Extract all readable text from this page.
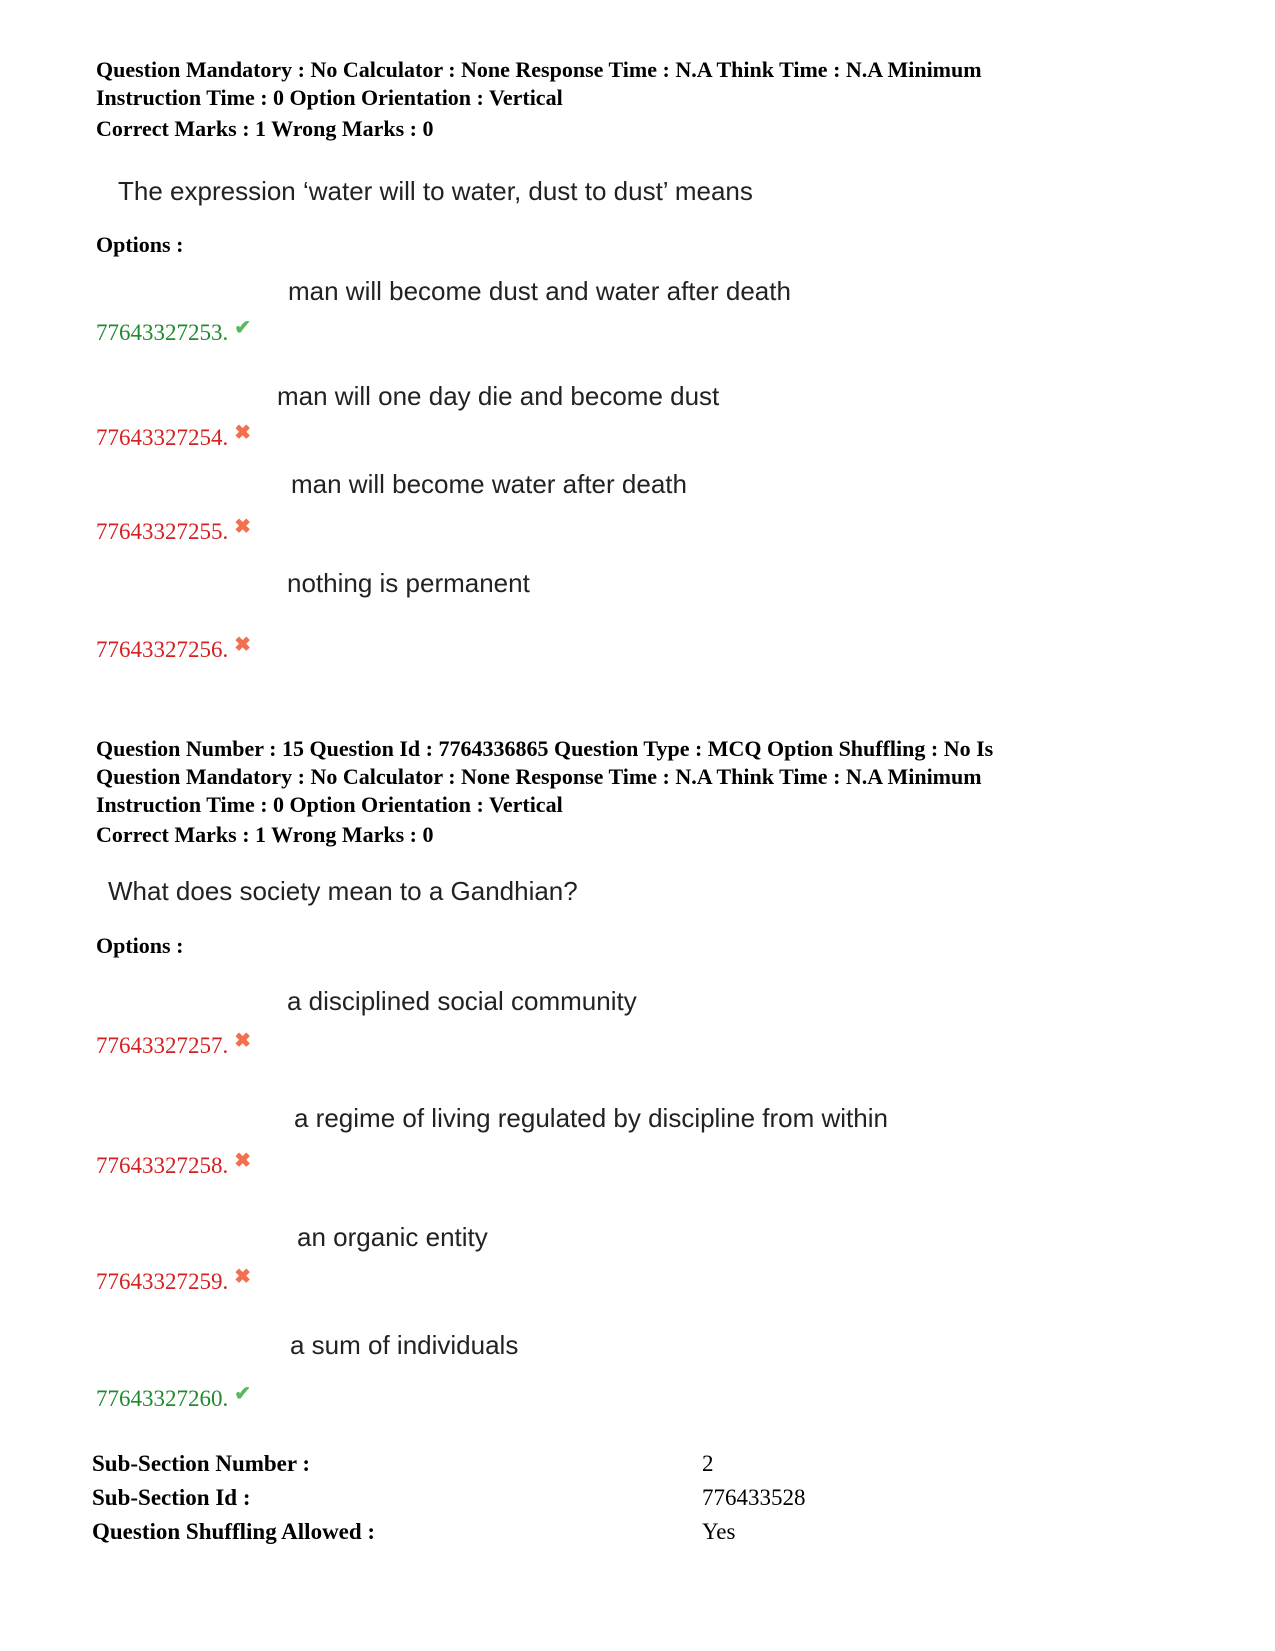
Question Mandatory : No Calculator : None Response Time : N.A Think Time : N.A Minimum
Instruction Time : 0 Option Orientation : Vertical
Correct Marks : 1 Wrong Marks : 0
The expression ‘water will to water, dust to dust’ means
Options :
man will become dust and water after death
77643327253. ✔
man will one day die and become dust
77643327254. ✖
man will become water after death
77643327255. ✖
nothing is permanent
77643327256. ✖
Question Number : 15 Question Id : 7764336865 Question Type : MCQ Option Shuffling : No Is
Question Mandatory : No Calculator : None Response Time : N.A Think Time : N.A Minimum
Instruction Time : 0 Option Orientation : Vertical
Correct Marks : 1 Wrong Marks : 0
What does society mean to a Gandhian?
Options :
a disciplined social community
77643327257. ✖
a regime of living regulated by discipline from within
77643327258. ✖
an organic entity
77643327259. ✖
a sum of individuals
77643327260. ✔
Sub-Section Number :	2
Sub-Section Id :	776433528
Question Shuffling Allowed :	Yes
